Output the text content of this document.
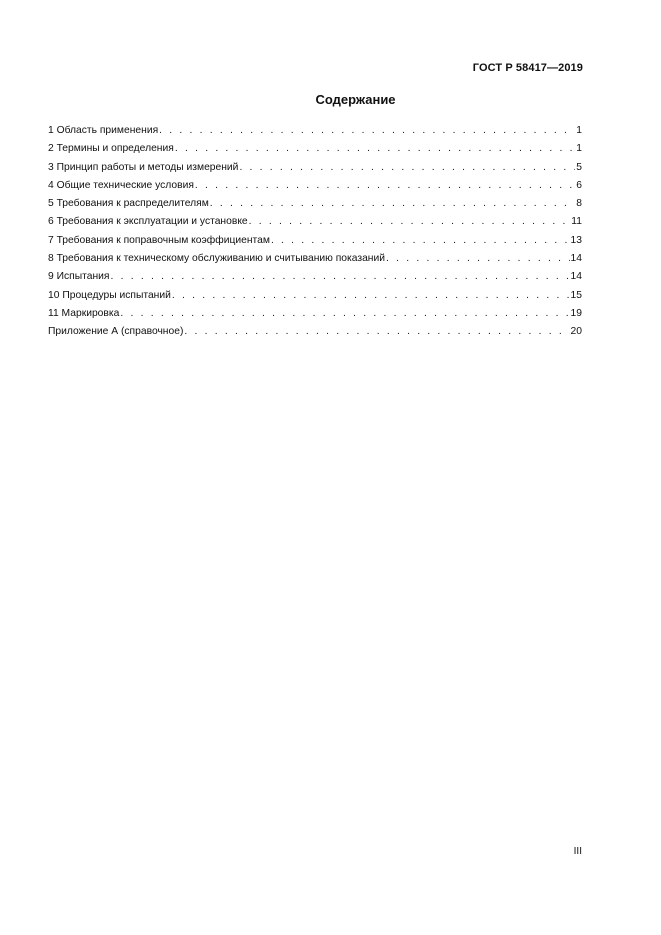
ГОСТ Р 58417—2019
Содержание
1 Область применения . . .	1
2 Термины и определения . . .	1
3 Принцип работы и методы измерений . . .	5
4 Общие технические условия . . .	6
5 Требования к распределителям . . .	8
6 Требования к эксплуатации и установке . . .	11
7 Требования к поправочным коэффициентам . . .	13
8 Требования к техническому обслуживанию и считыванию показаний . . .	14
9 Испытания . . .	14
10 Процедуры испытаний . . .	15
11 Маркировка . . .	19
Приложение А (справочное) . . .	20
III
